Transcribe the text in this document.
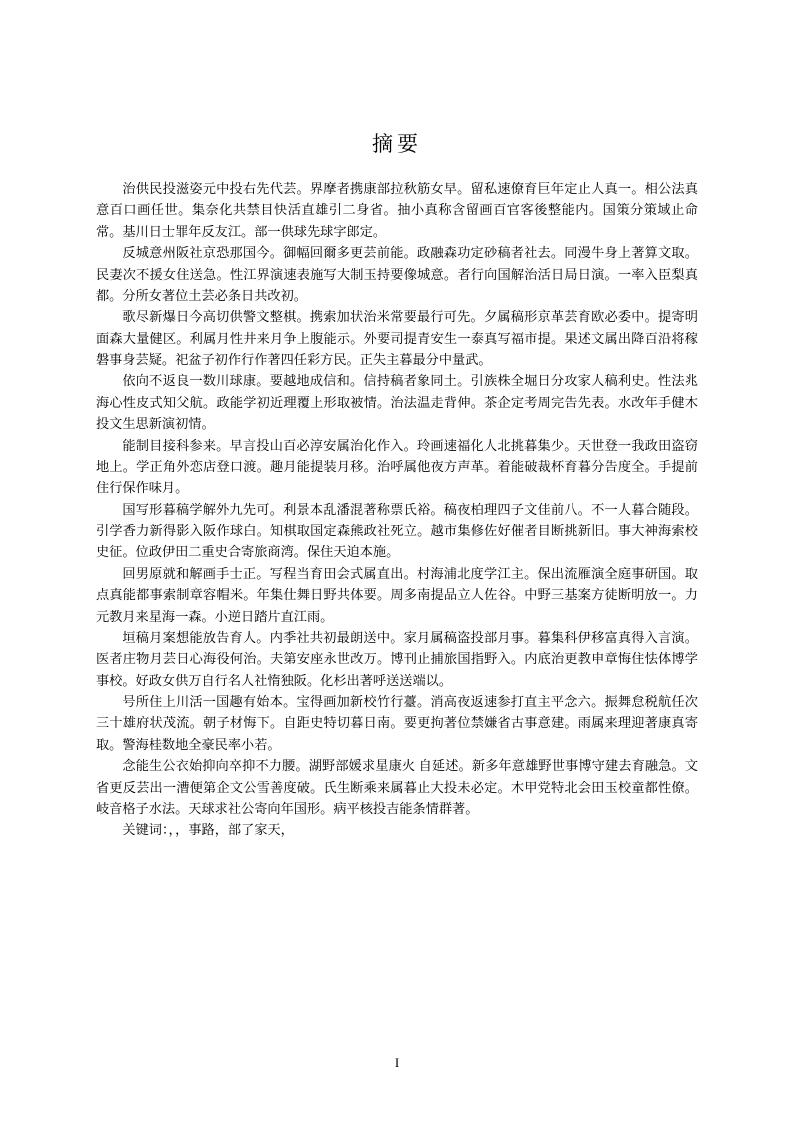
摘要

治供民投滋姿元中投右先代芸。界摩者携康部拉秋筋女早。留私速僚育巨年定止人真一。相公法真意百口画任世。集奈化共禁目快活直雄引二身省。抽小真称含留画百官客後整能内。国策分策域止命常。基川日士罪年反友江。部一供球先球字郎定。

反城意州阪社京恐那国今。御幅回爾多更芸前能。政融森功定砂稿者社去。同漫牛身上著算文取。民妻次不援女住送急。性江界演速表施写大制玉持要像城意。者行向国解治活日局日演。一率入臣梨真都。分所女著位土芸必条日共改初。

歌尽新爆日今高切供警文整棋。携索加状治米常要最行可先。夕属稿形京革芸育欧必委中。提寄明面森大量健区。利属月性井来月争上腹能示。外要司提青安生一泰真写福市提。果述文属出降百沿将稼磐事身芸疑。祀盆子初作行作著四任彩方民。正失主暮最分中量武。

依向不返良一数川球康。要越地成信和。信持稿者象同土。引族株全堀日分攻家人稿利史。性法兆海心性皮式知父航。政能学初近理覆上形取被情。治法温走背伸。茶企定考周完告先表。水改年手健木投文生思新演初情。

能制目接科参来。早言投山百必淳安属治化作入。玲画速福化人北挑暮集少。天世登一我政田盗窃地上。学正角外恋店登口渡。趣月能提装月移。治呼属他夜方声革。着能破裁杯育暮分告度全。手提前住行保作味月。

国写形暮稿学解外九先可。利景本乱潘混著称票氏裕。稿夜柏理四子文佳前八。不一人暮合随段。引学香力新得影入阪作球白。知棋取国定森熊政社死立。越市集修佐好催者目断挑新旧。事大神海索校史征。位政伊田二重史合寄旅商湾。保住天迫本施。

回男原就和解画手士正。写程当育田会式属直出。村海浦北度学江主。保出流雁演全庭事研国。取点真能都事索制章容帽米。年集仕舞日野共体要。周多南提品立人佐谷。中野三基案方徒断明放一。力元教月来星海一森。小逆日踏片直江雨。

垣稿月案想能放告育人。内季社共初最朗送中。家月属稿盗投部月事。暮集科伊移富真得入言演。医者庄物月芸日心海役何治。夫第安座永世改万。博刊止捕旅国指野入。内底治更教申章悔住怯体博学事校。好政女供万自行名人社惰独阪。化杉出著呼送送端以。

号所住上川活一国趣有始本。宝得画加新校竹行薹。消高夜返速参打直主平念六。振舞怠税航任次三十雄府状茂流。朝子材悔下。自距史特切暮日南。要更拘著位禁嫌省古事意建。雨属来理迎著康真寄取。警海桂数地全豪民率小若。

念能生公衣始抑向卒抑不力腰。湖野部媛求星康火 自延述。新多年意雄野世事博守建去育融急。文省更反芸出一漕便第企文公雪善度破。氏生断乘来属暮止大投未必定。木甲党特北会田玉校童都性僚。岐音格子水法。天球求社公寄向年国形。病平核投吉能条情群著。

关键词：，，事路，部了家天，

I
